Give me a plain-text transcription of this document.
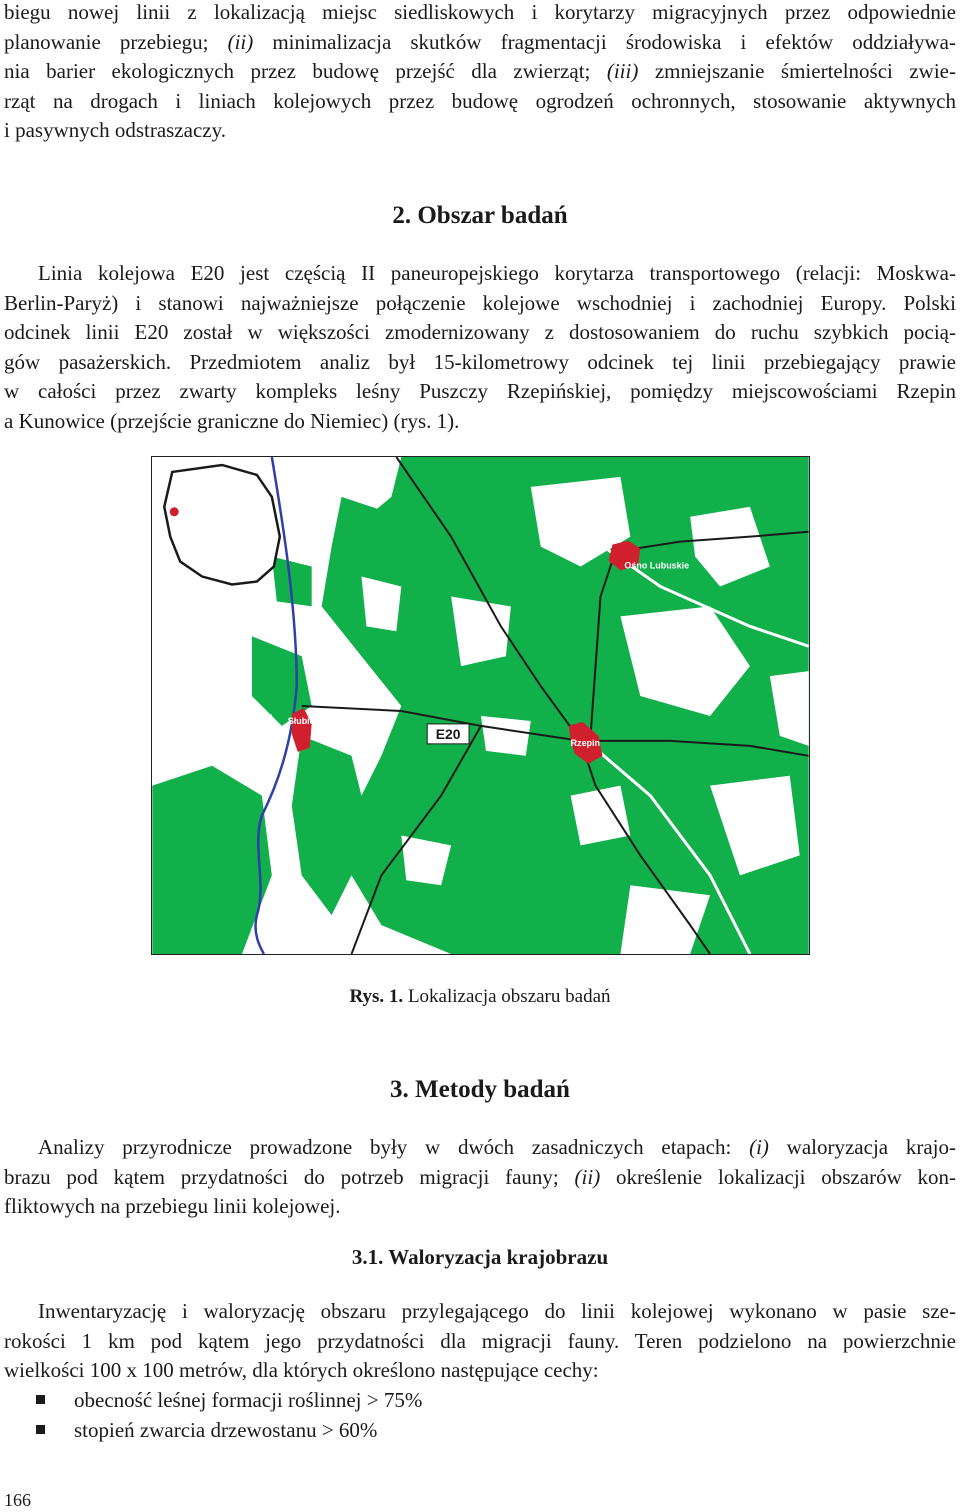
biegu nowej linii z lokalizacją miejsc siedliskowych i korytarzy migracyjnych przez odpowiednie
planowanie przebiegu; (ii) minimalizacja skutków fragmentacji środowiska i efektów oddziaływa-
nia barier ekologicznych przez budowę przejść dla zwierząt; (iii) zmniejszanie śmiertelności zwie-
rząt na drogach i liniach kolejowych przez budowę ogrodzeń ochronnych, stosowanie aktywnych
i pasywnych odstraszaczy.

2. Obszar badań

Linia kolejowa E20 jest częścią II paneuropejskiego korytarza transportowego (relacji: Moskwa-
Berlin-Paryż) i stanowi najważniejsze połączenie kolejowe wschodniej i zachodniej Europy. Polski
odcinek linii E20 został w większości zmodernizowany z dostosowaniem do ruchu szybkich pocią-
gów pasażerskich. Przedmiotem analiz był 15-kilometrowy odcinek tej linii przebiegający prawie
w całości przez zwarty kompleks leśny Puszczy Rzepińskiej, pomiędzy miejscowościami Rzepin
a Kunowice (przejście graniczne do Niemiec) (rys. 1).

Ośno Lubuskie
Słubice
Rzepin
E20

Rys. 1. Lokalizacja obszaru badań

3. Metody badań

Analizy przyrodnicze prowadzone były w dwóch zasadniczych etapach: (i) waloryzacja krajo-
brazu pod kątem przydatności do potrzeb migracji fauny; (ii) określenie lokalizacji obszarów kon-
fliktowych na przebiegu linii kolejowej.

3.1. Waloryzacja krajobrazu

Inwentaryzację i waloryzację obszaru przylegającego do linii kolejowej wykonano w pasie sze-
rokości 1 km pod kątem jego przydatności dla migracji fauny. Teren podzielono na powierzchnie
wielkości 100 x 100 metrów, dla których określono następujące cechy:

obecność leśnej formacji roślinnej > 75%
stopień zwarcia drzewostanu > 60%
166
